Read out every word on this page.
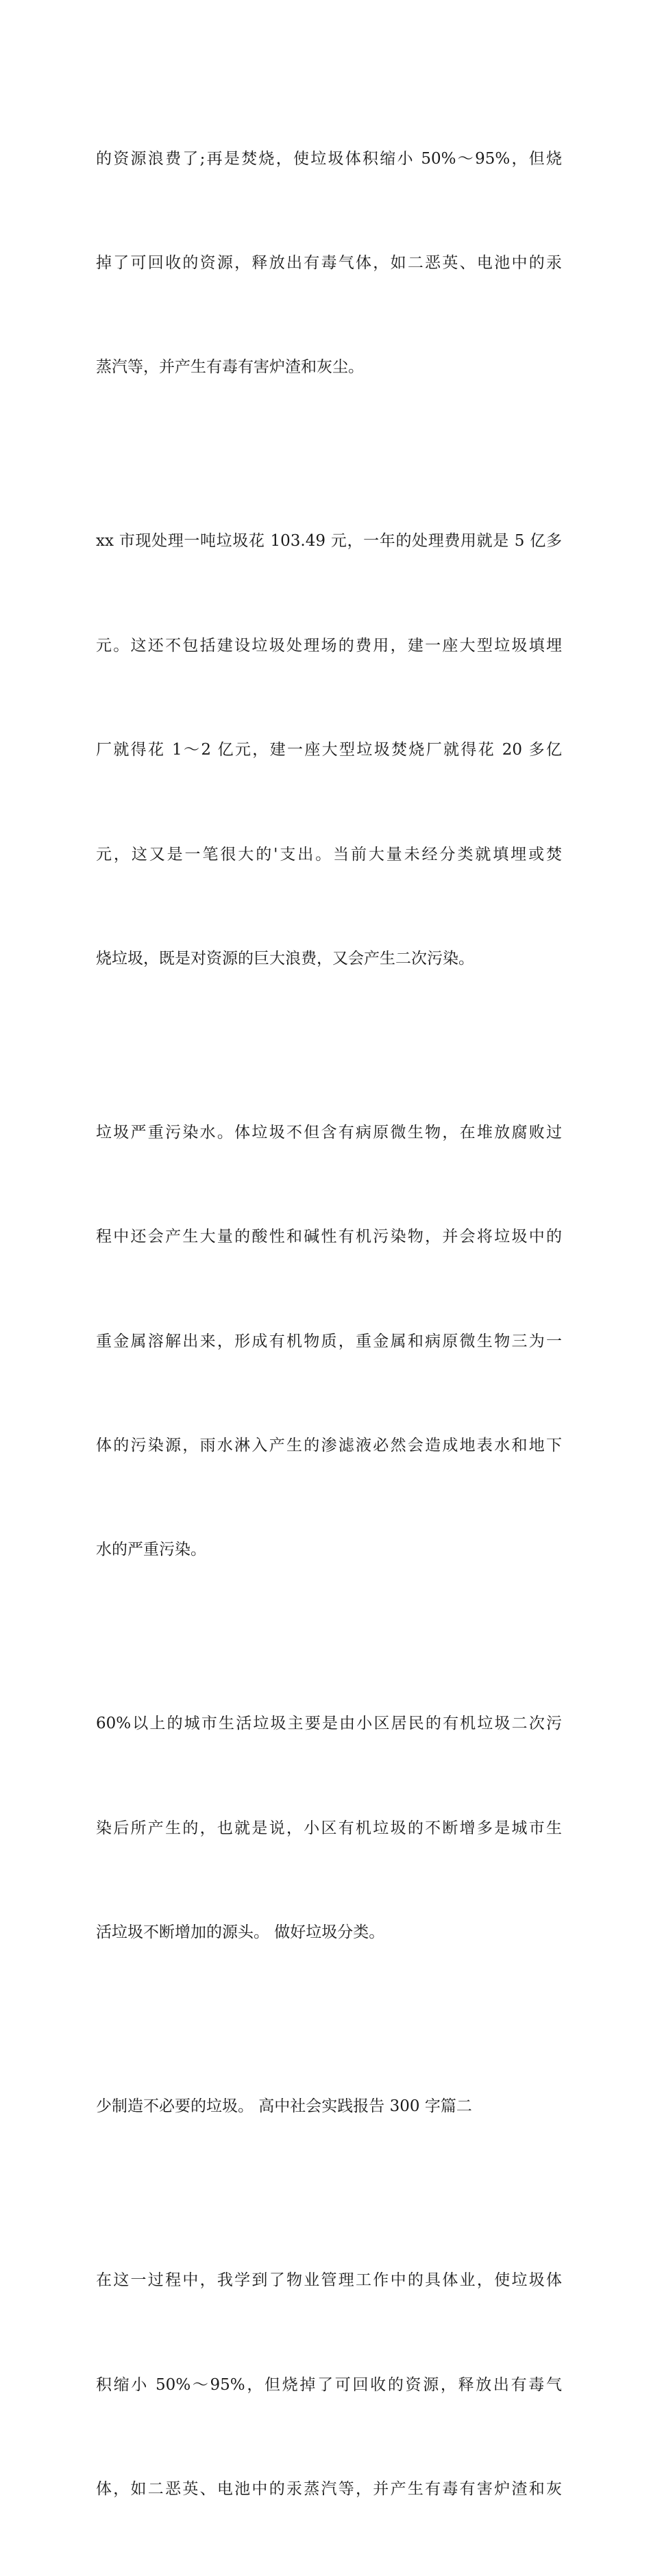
的资源浪费了;再是焚烧，使垃圾体积缩小 50%～95%，但烧

掉了可回收的资源，释放出有毒气体，如二恶英、电池中的汞

蒸汽等，并产生有毒有害炉渣和灰尘。

xx 市现处理一吨垃圾花 103.49 元，一年的处理费用就是 5 亿多

元。这还不包括建设垃圾处理场的费用，建一座大型垃圾填埋

厂就得花 1～2 亿元，建一座大型垃圾焚烧厂就得花 20 多亿

元，这又是一笔很大的'支出。当前大量未经分类就填埋或焚

烧垃圾，既是对资源的巨大浪费，又会产生二次污染。

垃圾严重污染水。体垃圾不但含有病原微生物，在堆放腐败过

程中还会产生大量的酸性和碱性有机污染物，并会将垃圾中的

重金属溶解出来，形成有机物质，重金属和病原微生物三为一

体的污染源，雨水淋入产生的渗滤液必然会造成地表水和地下

水的严重污染。

60%以上的城市生活垃圾主要是由小区居民的有机垃圾二次污

染后所产生的，也就是说，小区有机垃圾的不断增多是城市生

活垃圾不断增加的源头。 做好垃圾分类。

少制造不必要的垃圾。 高中社会实践报告 300 字篇二

在这一过程中，我学到了物业管理工作中的具体业，使垃圾体

积缩小 50%～95%，但烧掉了可回收的资源，释放出有毒气

体，如二恶英、电池中的汞蒸汽等，并产生有毒有害炉渣和灰
